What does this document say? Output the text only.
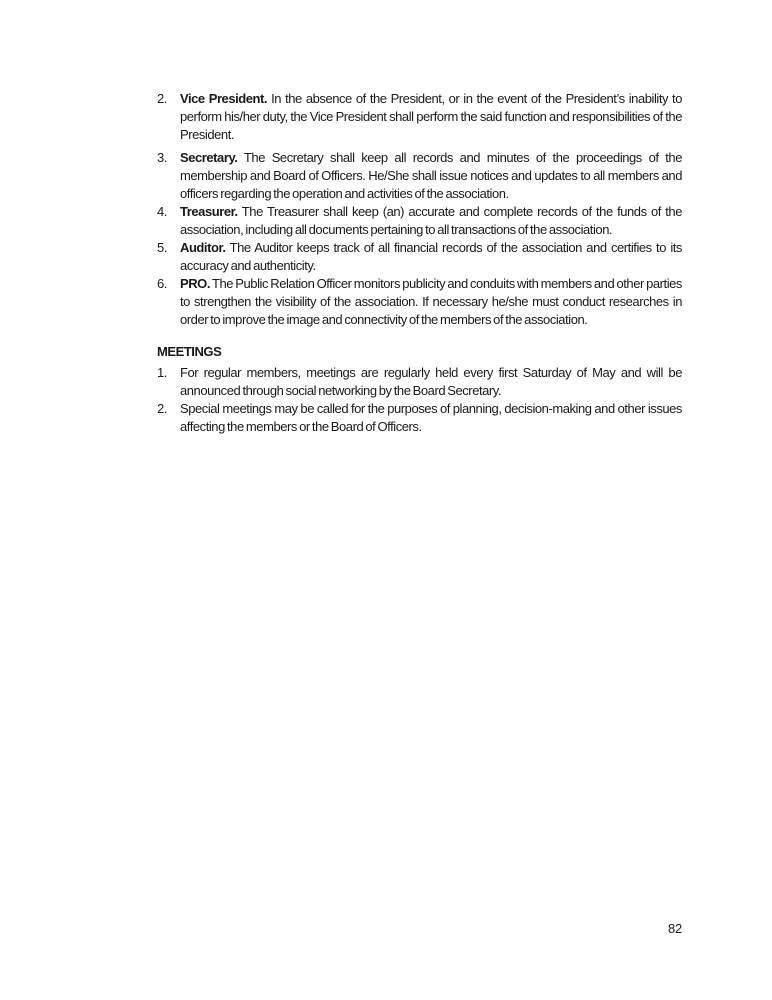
2.	Vice President. In the absence of the President, or in the event of the President’s inability to perform his/her duty, the Vice President shall perform the said function and responsibilities of the President.
3.	Secretary. The Secretary shall keep all records and minutes of the proceedings of the membership and Board of Officers. He/She shall issue notices and updates to all members and officers regarding the operation and activities of the association.
4.	Treasurer. The Treasurer shall keep (an) accurate and complete records of the funds of the association, including all documents pertaining to all transactions of the association.
5.	Auditor. The Auditor keeps track of all financial records of the association and certifies to its accuracy and authenticity.
6.	PRO. The Public Relation Officer monitors publicity and conduits with members and other parties to strengthen the visibility of the association. If necessary he/she must conduct researches in order to improve the image and connectivity of the members of the association.
MEETINGS
1.	For regular members, meetings are regularly held every first Saturday of May and will be announced through social networking by the Board Secretary.
2.	Special meetings may be called for the purposes of planning, decision-making and other issues affecting the members or the Board of Officers.
82
